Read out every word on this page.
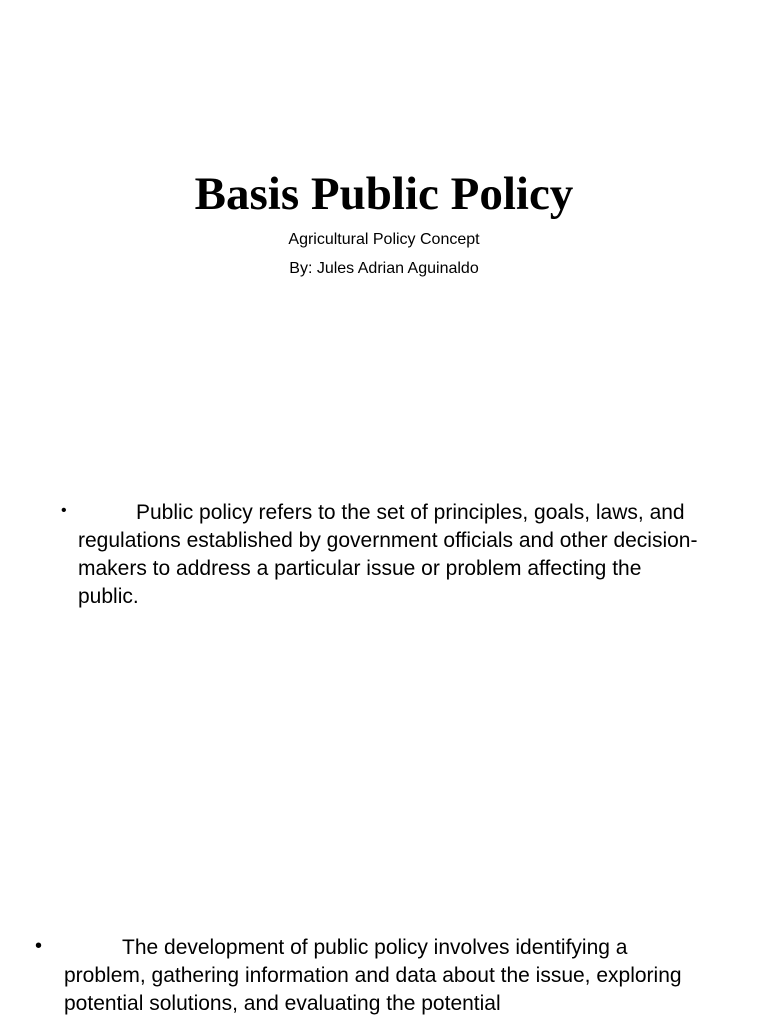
Basis Public Policy

Agricultural Policy Concept

By: Jules Adrian Aguinaldo

•	Public policy refers to the set of principles, goals, laws, and regulations established by government officials and other decision-makers to address a particular issue or problem affecting the public.

•	The development of public policy involves identifying a problem, gathering information and data about the issue, exploring potential solutions, and evaluating the potential
